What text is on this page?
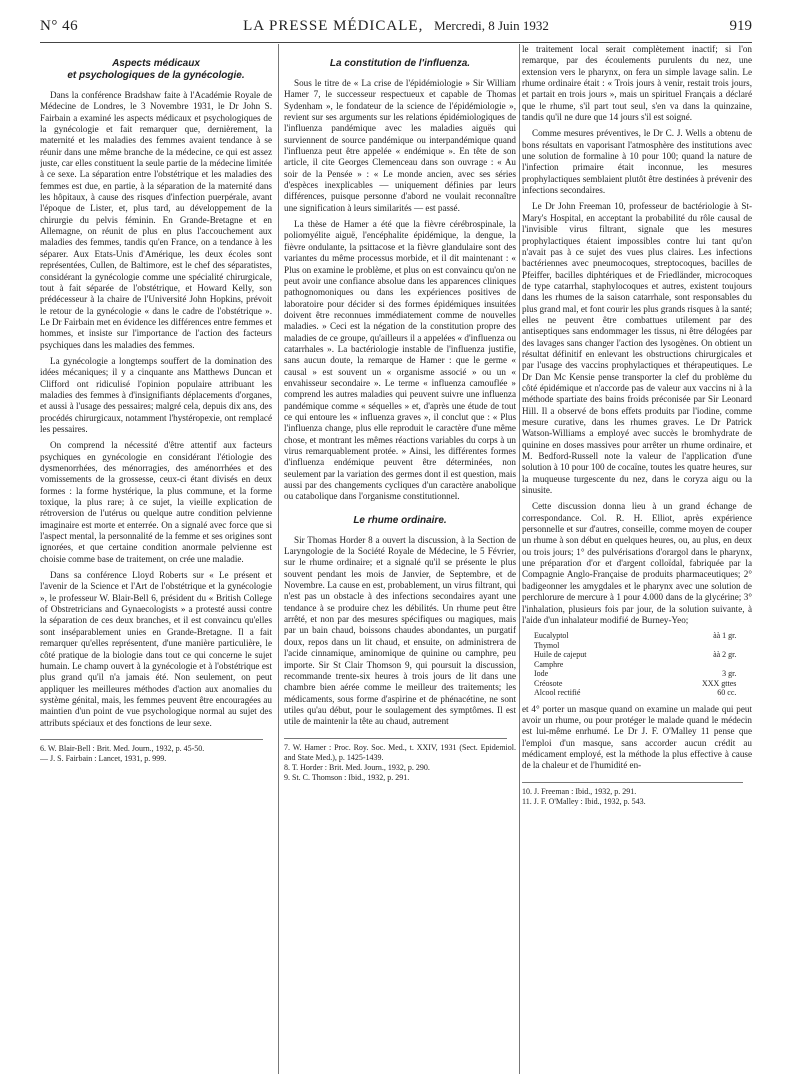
N° 46	LA PRESSE MÉDICALE, Mercredi, 8 Juin 1932	919
Aspects médicaux
et psychologiques de la gynécologie.

Dans la conférence Bradshaw faite à l'Académie Royale de Médecine de Londres, le 3 Novembre 1931, le Dr John S. Fairbain a examiné les aspects médicaux et psychologiques de la gynécologie et fait remarquer que, dernièrement, la maternité et les maladies des femmes avaient tendance à se réunir dans une même branche de la médecine, ce qui est assez juste, car elles constituent la seule partie de la médecine limitée à ce sexe. La séparation entre l'obstétrique et les maladies des femmes est due, en partie, à la séparation de la maternité dans les hôpitaux, à cause des risques d'infection puerpérale, avant l'époque de Lister, et, plus tard, au développement de la chirurgie du pelvis féminin. En Grande-Bretagne et en Allemagne, on réunit de plus en plus l'accouchement aux maladies des femmes, tandis qu'en France, on a tendance à les séparer. Aux Etats-Unis d'Amérique, les deux écoles sont représentées, Cullen, de Baltimore, est le chef des séparatistes, considérant la gynécologie comme une spécialité chirurgicale, tout à fait séparée de l'obstétrique, et Howard Kelly, son prédécesseur à la chaire de l'Université John Hopkins, prévoit le retour de la gynécologie « dans le cadre de l'obstétrique ». Le Dr Fairbain met en évidence les différences entre femmes et hommes, et insiste sur l'importance de l'action des facteurs psychiques dans les maladies des femmes.

La gynécologie a longtemps souffert de la domination des idées mécaniques; il y a cinquante ans Matthews Duncan et Clifford ont ridiculisé l'opinion populaire attribuant les maladies des femmes à d'insignifiants déplacements d'organes, et aussi à l'usage des pessaires; malgré cela, depuis dix ans, des procédés chirurgicaux, notamment l'hystéropexie, ont remplacé les pessaires.

On comprend la nécessité d'être attentif aux facteurs psychiques en gynécologie en considérant l'étiologie des dysmenorrhées, des ménorragies, des aménorrhées et des vomissements de la grossesse, ceux-ci étant divisés en deux formes : la forme hystérique, la plus commune, et la forme toxique, la plus rare; à ce sujet, la vieille explication de rétroversion de l'utérus ou quelque autre condition pelvienne imaginaire est morte et enterrée. On a signalé avec force que si l'aspect mental, la personnalité de la femme et ses origines sont ignorées, et que certaine condition anormale pelvienne est choisie comme base de traitement, on crée une maladie.

Dans sa conférence Lloyd Roberts sur « Le présent et l'avenir de la Science et l'Art de l'obstétrique et la gynécologie », le professeur W. Blair-Bell 6, président du « British College of Obstretricians and Gynaecologists » a protesté aussi contre la séparation de ces deux branches, et il est convaincu qu'elles sont inséparablement unies en Grande-Bretagne. Il a fait remarquer qu'elles représentent, d'une manière particulière, le côté pratique de la biologie dans tout ce qui concerne le sujet humain. Le champ ouvert à la gynécologie et à l'obstétrique est plus grand qu'il n'a jamais été. Non seulement, on peut appliquer les meilleures méthodes d'action aux anomalies du système génital, mais, les femmes peuvent être encouragées au maintien d'un point de vue psychologique normal au sujet des attributs spéciaux et des fonctions de leur sexe.

6. W. Blair-Bell : Brit. Med. Journ., 1932, p. 45-50.

— J. S. Fairbain : Lancet, 1931, p. 999.

La constitution de l'influenza.

Sous le titre de « La crise de l'épidémiologie » Sir William Hamer 7, le successeur respectueux et capable de Thomas Sydenham », le fondateur de la science de l'épidémiologie », revient sur ses arguments sur les relations épidémiologiques de l'influenza pandémique avec les maladies aiguës qui surviennent de source pandémique ou interpandémique quand l'influenza peut être appelée « endémique ». En tête de son article, il cite Georges Clemenceau dans son ouvrage : « Au soir de la Pensée » : « Le monde ancien, avec ses séries d'espèces inexplicables — uniquement définies par leurs différences, puisque personne d'abord ne voulait reconnaître une signification à leurs similarités — est passé.

La thèse de Hamer a été que la fièvre cérébrospinale, la poliomyélite aiguë, l'encéphalite épidémique, la dengue, la fièvre ondulante, la psittacose et la fièvre glandulaire sont des variantes du même processus morbide, et il dit maintenant : « Plus on examine le problème, et plus on est convaincu qu'on ne peut avoir une confiance absolue dans les apparences cliniques pathognomoniques ou dans les expériences positives de laboratoire pour décider si des formes épidémiques insuitées doivent être reconnues immédiatement comme de nouvelles maladies. » Ceci est la négation de la constitution propre des maladies de ce groupe, qu'ailleurs il a appelées « d'influenza ou catarrhales ». La bactériologie instable de l'influenza justifie, sans aucun doute, la remarque de Hamer : que le germe « causal » est souvent un « organisme associé » ou un « envahisseur secondaire ». Le terme « influenza camouflée » comprend les autres maladies qui peuvent suivre une influenza pandémique comme « séquelles » et, d'après une étude de tout ce qui entoure les « influenza graves », il conclut que : « Plus l'influenza change, plus elle reproduit le caractère d'une même chose, et montrant les mêmes réactions variables du corps à un virus remarquablement protée. » Ainsi, les différentes formes d'influenza endémique peuvent être déterminées, non seulement par la variation des germes dont il est question, mais aussi par des changements cycliques d'un caractère anabolique ou catabolique dans l'organisme constitutionnel.

Le rhume ordinaire.

Sir Thomas Horder 8 a ouvert la discussion, à la Section de Laryngologie de la Société Royale de Médecine, le 5 Février, sur le rhume ordinaire; et a signalé qu'il se présente le plus souvent pendant les mois de Janvier, de Septembre, et de Novembre. La cause en est, probablement, un virus filtrant, qui n'est pas un obstacle à des infections secondaires ayant une tendance à se produire chez les débilités. Un rhume peut être arrêté, et non par des mesures spécifiques ou magiques, mais par un bain chaud, boissons chaudes abondantes, un purgatif doux, repos dans un lit chaud, et ensuite, on administrera de l'acide cinnamique, aminomique de quinine ou camphre, peu importe. Sir St Clair Thomson 9, qui poursuit la discussion, recommande trente-six heures à trois jours de lit dans une chambre bien aérée comme le meilleur des traitements; les médicaments, sous forme d'aspirine et de phénacétine, ne sont utiles qu'au début, pour le soulagement des symptômes. Il est utile de maintenir la tête au chaud, autrement

7. W. Hamer : Proc. Roy. Soc. Med., t. XXIV, 1931 (Sect. Epidemiol. and State Med.), p. 1425-1439.

8. T. Horder : Brit. Med. Journ., 1932, p. 290.

9. St. C. Thomson : Ibid., 1932, p. 291.

le traitement local serait complètement inactif; si l'on remarque, par des écoulements purulents du nez, une extension vers le pharynx, on fera un simple lavage salin. Le rhume ordinaire était : « Trois jours à venir, restait trois jours, et partait en trois jours », mais un spirituel Français a déclaré que le rhume, s'il part tout seul, s'en va dans la quinzaine, tandis qu'il ne dure que 14 jours s'il est soigné.

Comme mesures préventives, le Dr C. J. Wells a obtenu de bons résultats en vaporisant l'atmosphère des institutions avec une solution de formaline à 10 pour 100; quand la nature de l'infection primaire était inconnue, les mesures prophylactiques semblaient plutôt être destinées à prévenir des infections secondaires.

Le Dr John Freeman 10, professeur de bactériologie à St-Mary's Hospital, en acceptant la probabilité du rôle causal de l'invisible virus filtrant, signale que les mesures prophylactiques étaient impossibles contre lui tant qu'on n'avait pas à ce sujet des vues plus claires. Les infections bactériennes avec pneumocoques, streptocoques, bacilles de Pfeiffer, bacilles diphtériques et de Friedländer, microcoques de type catarrhal, staphylocoques et autres, existent toujours dans les rhumes de la saison catarrhale, sont responsables du plus grand mal, et font courir les plus grands risques à la santé; elles ne peuvent être combattues utilement par des antiseptiques sans endommager les tissus, ni être délogées par des lavages sans changer l'action des lysogènes. On obtient un résultat définitif en enlevant les obstructions chirurgicales et par l'usage des vaccins prophylactiques et thérapeutiques. Le Dr Dan Mc Kensie pense transporter la clef du problème du côté épidémique et n'accorde pas de valeur aux vaccins ni à la méthode spartiate des bains froids préconisée par Sir Leonard Hill. Il a observé de bons effets produits par l'iodine, comme mesure curative, dans les rhumes graves. Le Dr Patrick Watson-Williams a employé avec succès le bromhydrate de quinine en doses massives pour arrêter un rhume ordinaire, et M. Bedford-Russell note la valeur de l'application d'une solution à 10 pour 100 de cocaïne, toutes les quatre heures, sur la muqueuse turgescente du nez, dans le coryza aigu ou la sinusite.

Cette discussion donna lieu à un grand échange de correspondance. Col. R. H. Elliot, après expérience personnelle et sur d'autres, conseille, comme moyen de couper un rhume à son début en quelques heures, ou, au plus, en deux ou trois jours; 1° des pulvérisations d'orargol dans le pharynx, une préparation d'or et d'argent colloïdal, fabriquée par la Compagnie Anglo-Française de produits pharmaceutiques; 2° badigeonner les amygdales et le pharynx avec une solution de perchlorure de mercure à 1 pour 4.000 dans de la glycérine; 3° l'inhalation, plusieurs fois par jour, de la solution suivante, à l'aide d'un inhalateur modifié de Burney-Yeo;

Eucalyptol	àà 1 gr.
Thymol	
Huile de cajeput	àà 2 gr.
Camphre	
Iode	3 gr.
Créosote	XXX gttes
Alcool rectifié	60 cc.

et 4° porter un masque quand on examine un malade qui peut avoir un rhume, ou pour protéger le malade quand le médecin est lui-même enrhumé. Le Dr J. F. O'Malley 11 pense que l'emploi d'un masque, sans accorder aucun crédit au médicament employé, est la méthode la plus effective à cause de la chaleur et de l'humidité en-

10. J. Freeman : Ibid., 1932, p. 291.

11. J. F. O'Malley : Ibid., 1932, p. 543.
